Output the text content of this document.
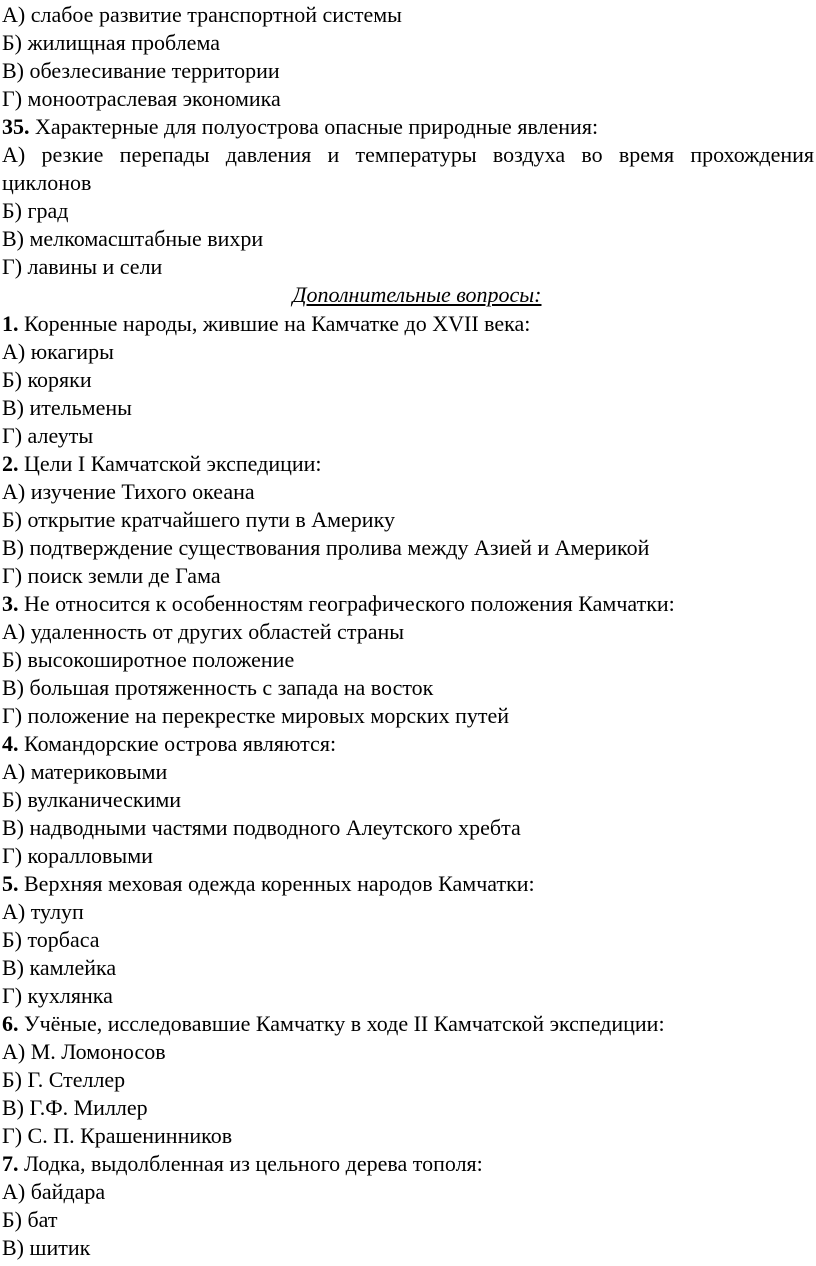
А) слабое развитие транспортной системы
Б) жилищная проблема
В) обезлесивание территории
Г) моноотраслевая экономика
35. Характерные для полуострова опасные природные явления:
А) резкие перепады давления и температуры воздуха во время прохождения
циклонов
Б) град
В) мелкомасштабные вихри
Г) лавины и сели
Дополнительные вопросы:
1. Коренные народы, жившие на Камчатке до XVII века:
А) юкагиры
Б) коряки
В) ительмены
Г) алеуты
2. Цели I Камчатской экспедиции:
А) изучение Тихого океана
Б) открытие кратчайшего пути в Америку
В) подтверждение существования пролива между Азией и Америкой
Г) поиск земли де Гама
3. Не относится к особенностям географического положения Камчатки:
А) удаленность от других областей страны
Б) высокоширотное положение
В) большая протяженность с запада на восток
Г) положение на перекрестке мировых морских путей
4. Командорские острова являются:
А) материковыми
Б) вулканическими
В) надводными частями подводного Алеутского хребта
Г) коралловыми
5. Верхняя меховая одежда коренных народов Камчатки:
А) тулуп
Б) торбаса
В) камлейка
Г) кухлянка
6. Учёные, исследовавшие Камчатку в ходе II Камчатской экспедиции:
А) М. Ломоносов
Б) Г. Стеллер
В) Г.Ф. Миллер
Г) С. П. Крашенинников
7. Лодка, выдолбленная из цельного дерева тополя:
А) байдара
Б) бат
В) шитик
